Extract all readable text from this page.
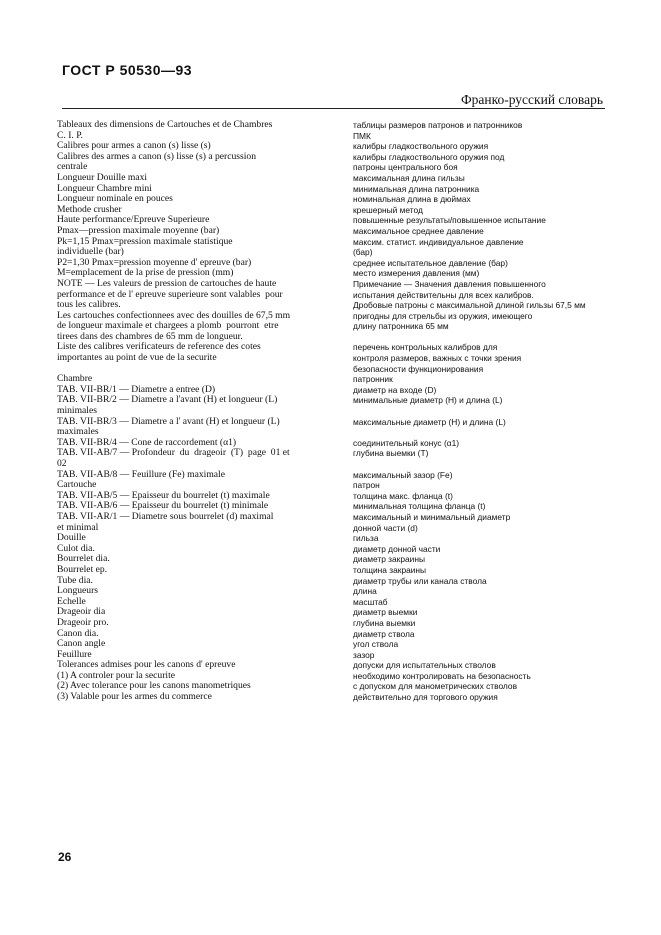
ГОСТ Р 50530—93
Франко-русский словарь
Tableaux des dimensions de Cartouches et de Chambres
C. I. P.
Calibres pour armes a canon (s) lisse (s)
Calibres des armes a canon (s) lisse (s) a percussion
centrale
Longueur Douille maxi
Longueur Chambre mini
Longueur nominale en pouces
Methode crusher
Haute performance/Epreuve Superieure
Pmax—pression maximale moyenne (bar)
Pk=1,15 Pmax=pression maximale statistique
individuelle (bar)
P2=1,30 Pmax=pression moyenne d' epreuve (bar)
M=emplacement de la prise de pression (mm)
NOTE — Les valeurs de pression de cartouches de haute
performance et de l' epreuve superieure sont valables  pour
tous les calibres.
Les cartouches confectionnees avec des douilles de 67,5 mm
de longueur maximale et chargees a plomb  pourront  etre
tirees dans des chambres de 65 mm de longueur.
Liste des calibres verificateurs de reference des cotes
importantes au point de vue de la securite
Chambre
TAB. VII-BR/1 — Diametre a entree (D)
TAB. VII-BR/2 — Diametre a l'avant (H) et longueur (L)
minimales
TAB. VII-BR/3 — Diametre a l' avant (H) et longueur (L)
maximales
TAB. VII-BR/4 — Cone de raccordement (α1)
TAB. VII-AB/7 — Profondeur  du  drageoir  (T)  page  01 et
02
TAB. VII-AB/8 — Feuillure (Fe) maximale
Cartouche
TAB. VII-AB/5 — Epaisseur du bourrelet (t) maximale
TAB. VII-AB/6 — Epaisseur du bourrelet (t) minimale
TAB. VII-AR/1 — Diametre sous bourrelet (d) maximal
et minimal
Douille
Culot dia.
Bourrelet dia.
Bourrelet ep.
Tube dia.
Longueurs
Echelle
Drageoir dia
Drageoir pro.
Canon dia.
Canon angle
Feuillure
Tolerances admises pour les canons d' epreuve
(1) A controler pour la securite
(2) Avec tolerance pour les canons manometriques
(3) Valable pour les armes du commerce
таблицы размеров патронов и патронников
ПМК
калибры гладкоствольного оружия
калибры гладкоствольного оружия под
патроны центрального боя
максимальная длина гильзы
минимальная длина патронника
номинальная длина в дюймах
крешерный метод
повышенные результаты/повышенное испытание
максимальное среднее давление
максим. статист. индивидуальное давление
(бар)
среднее испытательное давление (бар)
место измерения давления (мм)
Примечание — Значения давления повышенного
испытания действительны для всех калибров.
Дробовые патроны с максимальной длиной гильзы 67,5 мм
пригодны для стрельбы из оружия, имеющего
длину патронника 65 мм
перечень контрольных калибров для
контроля размеров, важных с точки зрения
безопасности функционирования
патронник
диаметр на входе (D)
минимальные диаметр (H) и длина (L)
максимальные диаметр (H) и длина (L)
соединительный конус (α1)
глубина выемки (T)
максимальный зазор (Fe)
патрон
толщина макс. фланца (t)
минимальная толщина фланца (t)
максимальный и минимальный диаметр
донной части (d)
гильза
диаметр донной части
диаметр закраины
толщина закраины
диаметр трубы или канала ствола
длина
масштаб
диаметр выемки
глубина выемки
диаметр ствола
угол ствола
зазор
допуски для испытательных стволов
необходимо контролировать на безопасность
с допуском для манометрических стволов
действительно для торгового оружия
26
